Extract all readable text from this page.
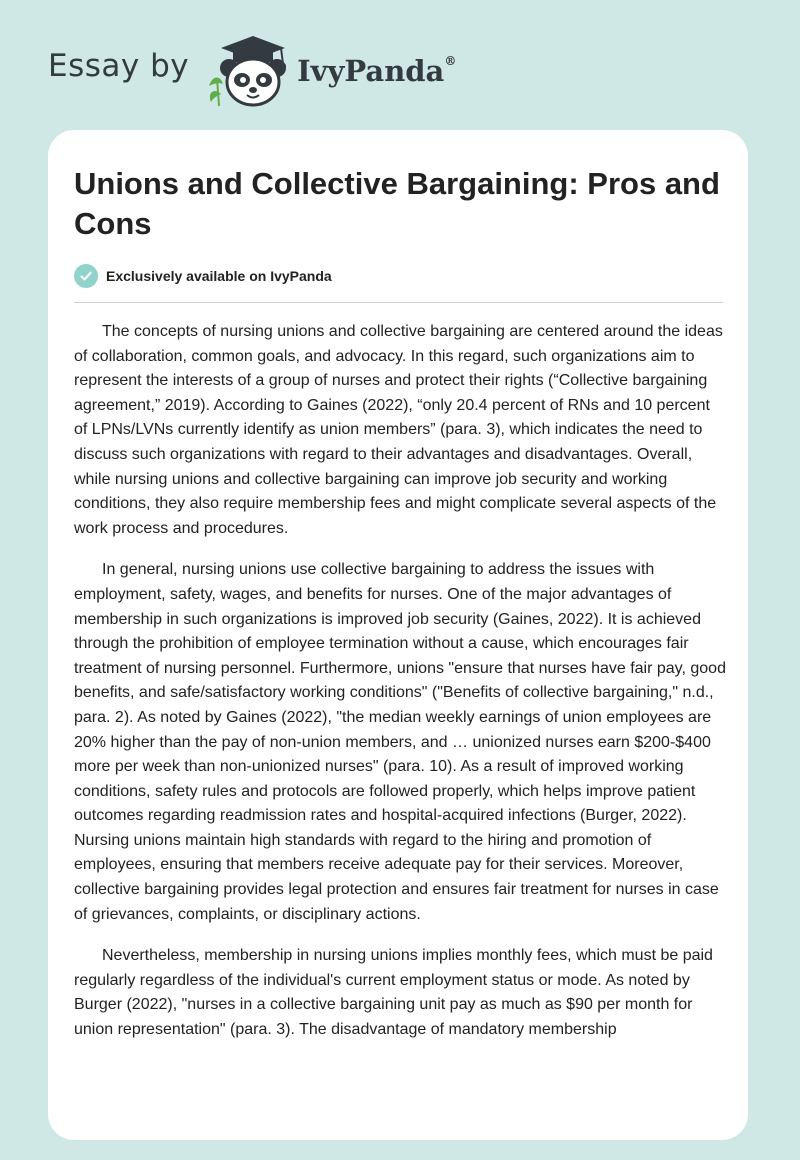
Essay by	IvyPanda®
Unions and Collective Bargaining: Pros and Cons
Exclusively available on IvyPanda

The concepts of nursing unions and collective bargaining are centered around the ideas of collaboration, common goals, and advocacy. In this regard, such organizations aim to represent the interests of a group of nurses and protect their rights (“Collective bargaining agreement,” 2019). According to Gaines (2022), “only 20.4 percent of RNs and 10 percent of LPNs/LVNs currently identify as union members” (para. 3), which indicates the need to discuss such organizations with regard to their advantages and disadvantages. Overall, while nursing unions and collective bargaining can improve job security and working conditions, they also require membership fees and might complicate several aspects of the work process and procedures.

In general, nursing unions use collective bargaining to address the issues with employment, safety, wages, and benefits for nurses. One of the major advantages of membership in such organizations is improved job security (Gaines, 2022). It is achieved through the prohibition of employee termination without a cause, which encourages fair treatment of nursing personnel. Furthermore, unions "ensure that nurses have fair pay, good benefits, and safe/satisfactory working conditions" ("Benefits of collective bargaining," n.d., para. 2). As noted by Gaines (2022), "the median weekly earnings of union employees are 20% higher than the pay of non-union members, and … unionized nurses earn $200-$400 more per week than non-unionized nurses" (para. 10). As a result of improved working conditions, safety rules and protocols are followed properly, which helps improve patient outcomes regarding readmission rates and hospital-acquired infections (Burger, 2022). Nursing unions maintain high standards with regard to the hiring and promotion of employees, ensuring that members receive adequate pay for their services. Moreover, collective bargaining provides legal protection and ensures fair treatment for nurses in case of grievances, complaints, or disciplinary actions.

Nevertheless, membership in nursing unions implies monthly fees, which must be paid regularly regardless of the individual's current employment status or mode. As noted by Burger (2022), "nurses in a collective bargaining unit pay as much as $90 per month for union representation" (para. 3). The disadvantage of mandatory membership
